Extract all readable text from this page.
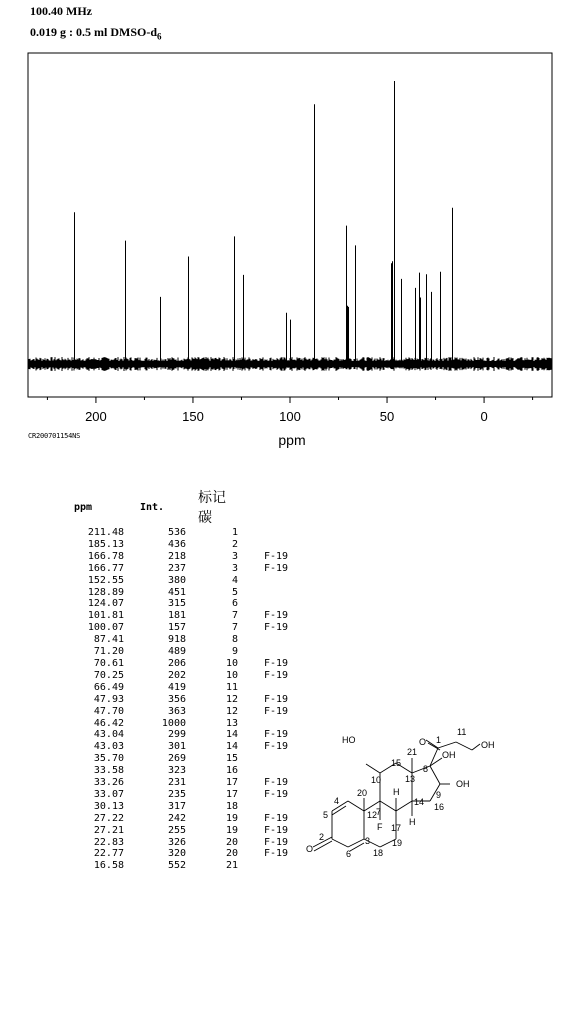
100.40 MHz
0.019 g : 0.5 ml DMSO-$d_6$
200	150	100	50	0
ppm
CR200701154NS
ppm	Int.	标记碳	
211.48	536	1	
185.13	436	2	
166.78	218	3	F-19
166.77	237	3	F-19
152.55	380	4	
128.89	451	5	
124.07	315	6	
101.81	181	7	F-19
100.07	157	7	F-19
87.41	918	8	
71.20	489	9	
70.61	206	10	F-19
70.25	202	10	F-19
66.49	419	11	
47.93	356	12	F-19
47.70	363	12	F-19
46.42	1000	13	
43.04	299	14	F-19
43.03	301	14	F-19
35.70	269	15	
33.58	323	16	
33.26	231	17	F-19
33.07	235	17	F-19
30.13	317	18	
27.22	242	19	F-19
27.21	255	19	F-19
22.83	326	20	F-19
22.77	320	20	F-19
16.58	552	21	
HO	O	OH
OH
OH
O
F
H
H
1
2	3
4
5
6
7
8
9
10
11
12
13
14
15
16
17
18
19
20
21
